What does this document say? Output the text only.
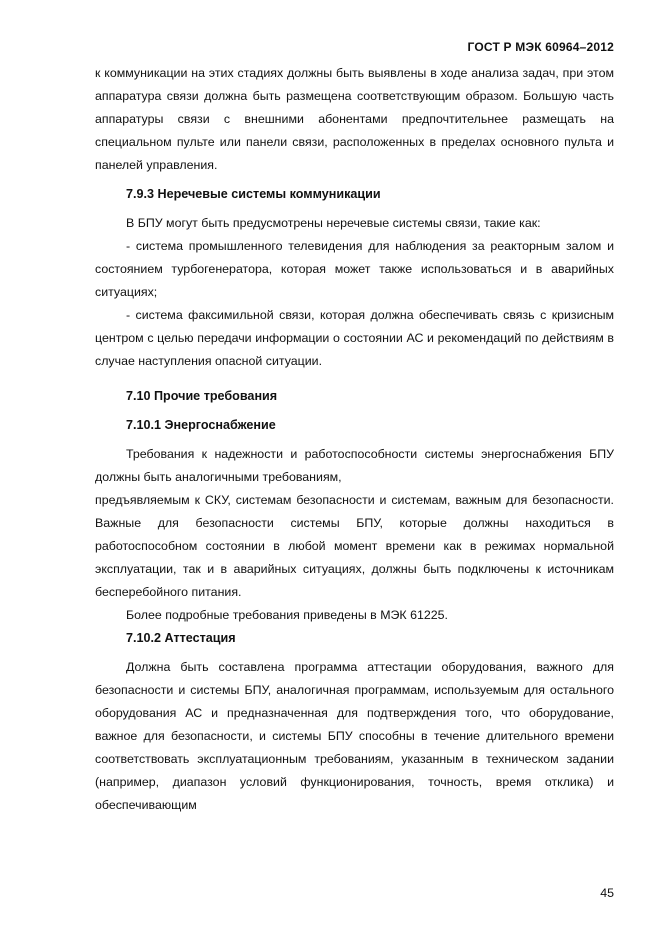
ГОСТ Р МЭК 60964–2012

к коммуникации на этих стадиях должны быть выявлены в ходе анализа задач, при этом аппаратура связи должна быть размещена соответствующим образом. Большую часть аппаратуры связи с внешними абонентами предпочтительнее размещать на специальном пульте или панели связи, расположенных в пределах основного пульта и панелей управления.

7.9.3 Неречевые системы коммуникации

В БПУ могут быть предусмотрены неречевые системы связи, такие как:

- система промышленного телевидения для наблюдения за реакторным залом и состоянием турбогенератора, которая может также использоваться и в аварийных ситуациях;

- система факсимильной связи, которая должна обеспечивать связь с кризисным центром с целью передачи информации о состоянии АС и рекомендаций по действиям в случае наступления опасной ситуации.

7.10 Прочие требования

7.10.1 Энергоснабжение

Требования к надежности и работоспособности системы энергоснабжения БПУ должны быть аналогичными требованиям,

предъявляемым к СКУ, системам безопасности и системам, важным для безопасности. Важные для безопасности системы БПУ, которые должны находиться в работоспособном состоянии в любой момент времени как в режимах нормальной эксплуатации, так и в аварийных ситуациях, должны быть подключены к источникам бесперебойного питания.

Более подробные требования приведены в МЭК 61225.

7.10.2 Аттестация

Должна быть составлена программа аттестации оборудования, важного для безопасности и системы БПУ, аналогичная программам, используемым для остального оборудования АС и предназначенная для подтверждения того, что оборудование, важное для безопасности, и системы БПУ способны в течение длительного времени соответствовать эксплуатационным требованиям, указанным в техническом задании (например, диапазон условий функционирования, точность, время отклика) и обеспечивающим

45
